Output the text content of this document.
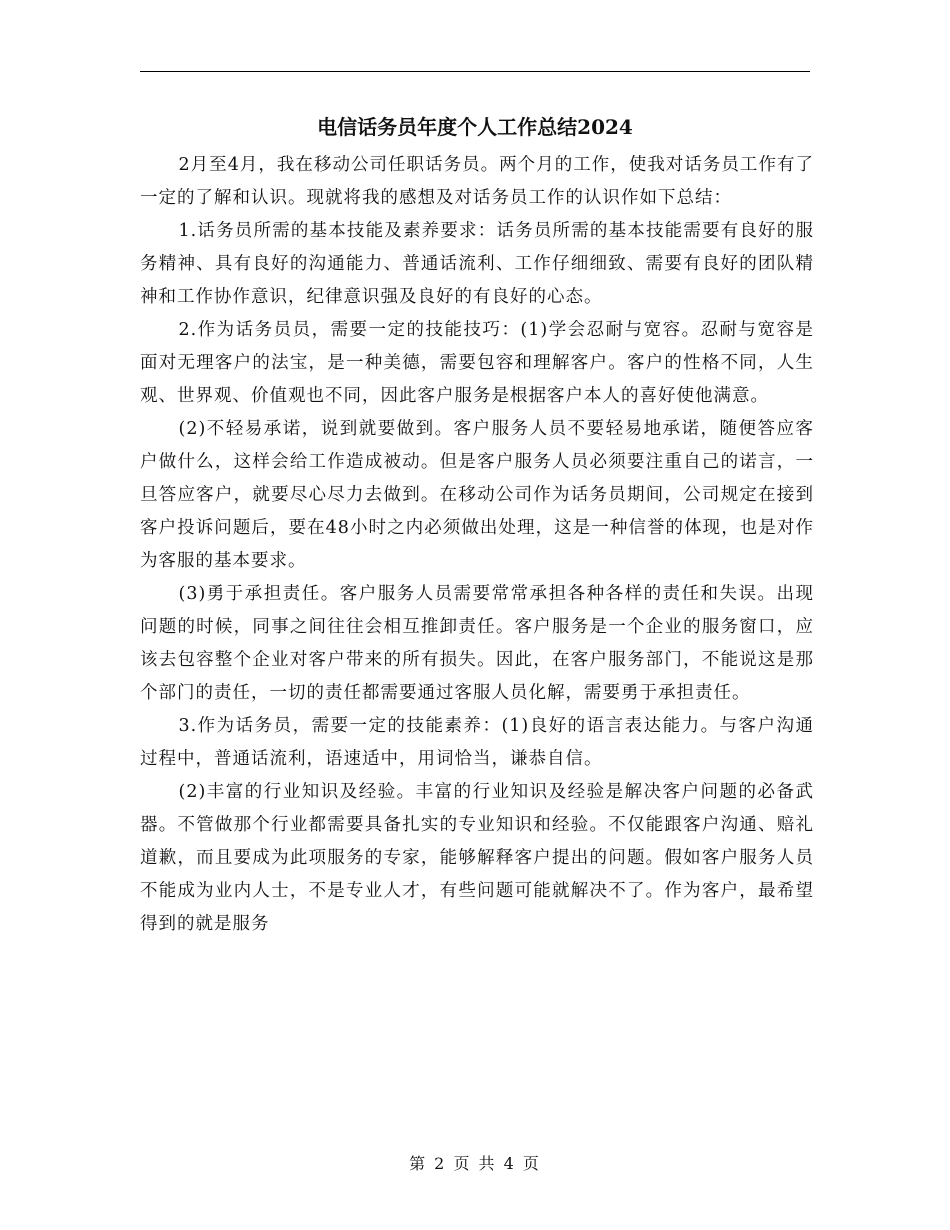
电信话务员年度个人工作总结2024

2月至4月，我在移动公司任职话务员。两个月的工作，使我对话务员工作有了一定的了解和认识。现就将我的感想及对话务员工作的认识作如下总结：

1.话务员所需的基本技能及素养要求：话务员所需的基本技能需要有良好的服务精神、具有良好的沟通能力、普通话流利、工作仔细细致、需要有良好的团队精神和工作协作意识，纪律意识强及良好的有良好的心态。

2.作为话务员员，需要一定的技能技巧：(1)学会忍耐与宽容。忍耐与宽容是面对无理客户的法宝，是一种美德，需要包容和理解客户。客户的性格不同，人生观、世界观、价值观也不同，因此客户服务是根据客户本人的喜好使他满意。

(2)不轻易承诺，说到就要做到。客户服务人员不要轻易地承诺，随便答应客户做什么，这样会给工作造成被动。但是客户服务人员必须要注重自己的诺言，一旦答应客户，就要尽心尽力去做到。在移动公司作为话务员期间，公司规定在接到客户投诉问题后，要在48小时之内必须做出处理，这是一种信誉的体现，也是对作为客服的基本要求。

(3)勇于承担责任。客户服务人员需要常常承担各种各样的责任和失误。出现问题的时候，同事之间往往会相互推卸责任。客户服务是一个企业的服务窗口，应该去包容整个企业对客户带来的所有损失。因此，在客户服务部门，不能说这是那个部门的责任，一切的责任都需要通过客服人员化解，需要勇于承担责任。

3.作为话务员，需要一定的技能素养：(1)良好的语言表达能力。与客户沟通过程中，普通话流利，语速适中，用词恰当，谦恭自信。

(2)丰富的行业知识及经验。丰富的行业知识及经验是解决客户问题的必备武器。不管做那个行业都需要具备扎实的专业知识和经验。不仅能跟客户沟通、赔礼道歉，而且要成为此项服务的专家，能够解释客户提出的问题。假如客户服务人员不能成为业内人士，不是专业人才，有些问题可能就解决不了。作为客户，最希望得到的就是服务

第 2 页 共 4 页
